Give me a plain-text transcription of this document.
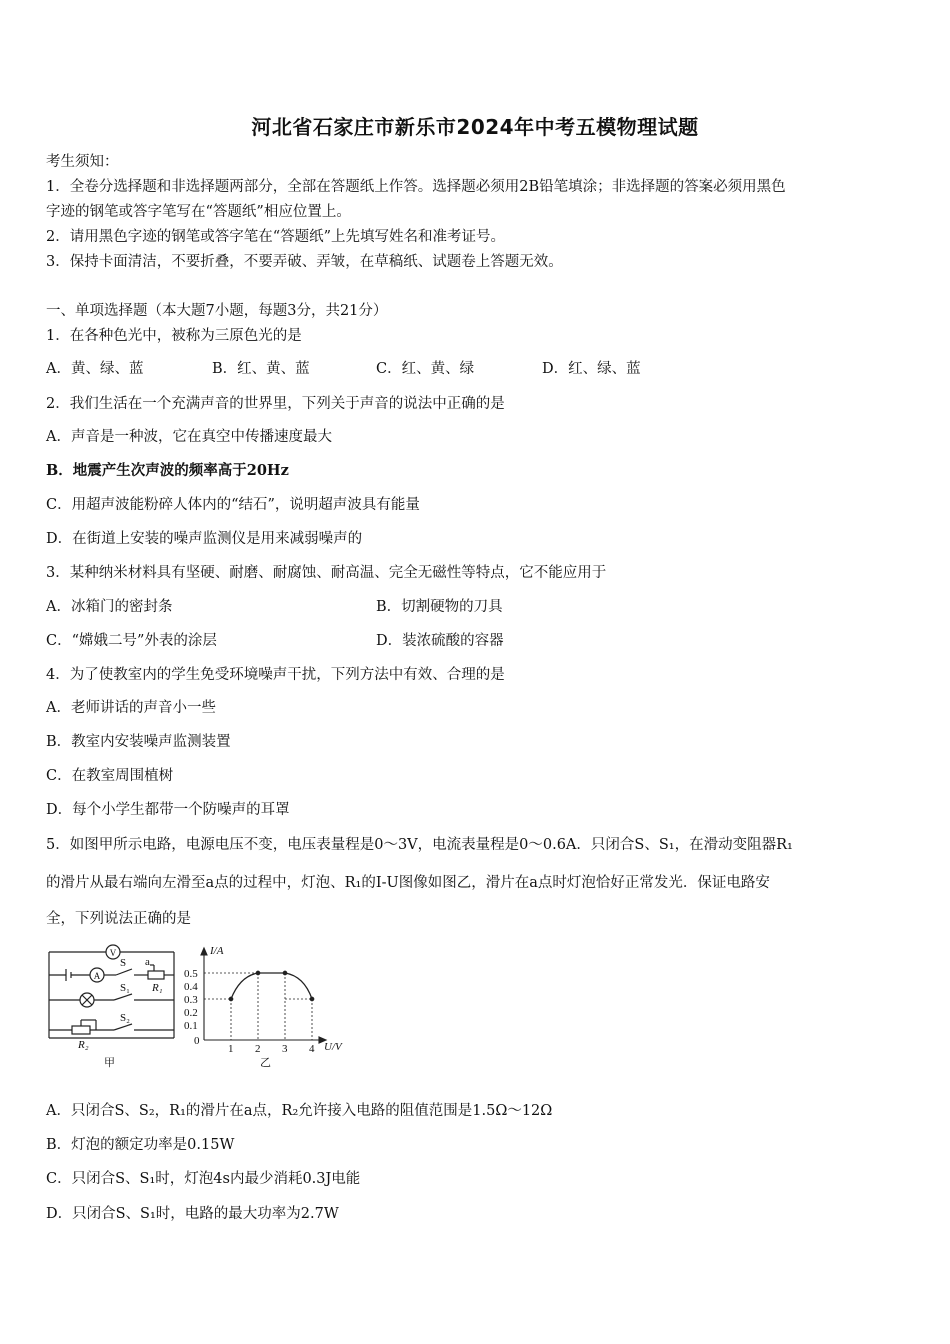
河北省石家庄市新乐市2024年中考五模物理试题
考生须知：
1．全卷分选择题和非选择题两部分，全部在答题纸上作答。选择题必须用2B铅笔填涂；非选择题的答案必须用黑色
字迹的钢笔或答字笔写在“答题纸”相应位置上。
2．请用黑色字迹的钢笔或答字笔在“答题纸”上先填写姓名和准考证号。
3．保持卡面清洁，不要折叠，不要弄破、弄皱，在草稿纸、试题卷上答题无效。
一、单项选择题（本大题7小题，每题3分，共21分）
1．在各种色光中，被称为三原色光的是
A．黄、绿、蓝	B．红、黄、蓝	C．红、黄、绿	D．红、绿、蓝
2．我们生活在一个充满声音的世界里，下列关于声音的说法中正确的是
A．声音是一种波，它在真空中传播速度最大
B．地震产生次声波的频率高于20Hz
C．用超声波能粉碎人体内的“结石”，说明超声波具有能量
D．在街道上安装的噪声监测仪是用来减弱噪声的
3．某种纳米材料具有坚硬、耐磨、耐腐蚀、耐高温、完全无磁性等特点，它不能应用于
A．冰箱门的密封条	B．切割硬物的刀具
C．“嫦娥二号”外表的涂层	D．装浓硫酸的容器
4．为了使教室内的学生免受环境噪声干扰，下列方法中有效、合理的是
A．老师讲话的声音小一些
B．教室内安装噪声监测装置
C．在教室周围植树
D．每个小学生都带一个防噪声的耳罩
5．如图甲所示电路，电源电压不变，电压表量程是0～3V，电流表量程是0～0.6A．只闭合S、S₁，在滑动变阻器R₁
的滑片从最右端向左滑至a点的过程中，灯泡、R₁的I-U图像如图乙，滑片在a点时灯泡恰好正常发光．保证电路安
全，下列说法正确的是
V
A
S a
R₁
S₁
S₂
R₂
甲
I/A
U/V
0
0.5
0.4
0.3
0.2
0.1
1 2 3 4
乙
A．只闭合S、S₂，R₁的滑片在a点，R₂允许接入电路的阻值范围是1.5Ω～12Ω
B．灯泡的额定功率是0.15W
C．只闭合S、S₁时，灯泡4s内最少消耗0.3J电能
D．只闭合S、S₁时，电路的最大功率为2.7W
